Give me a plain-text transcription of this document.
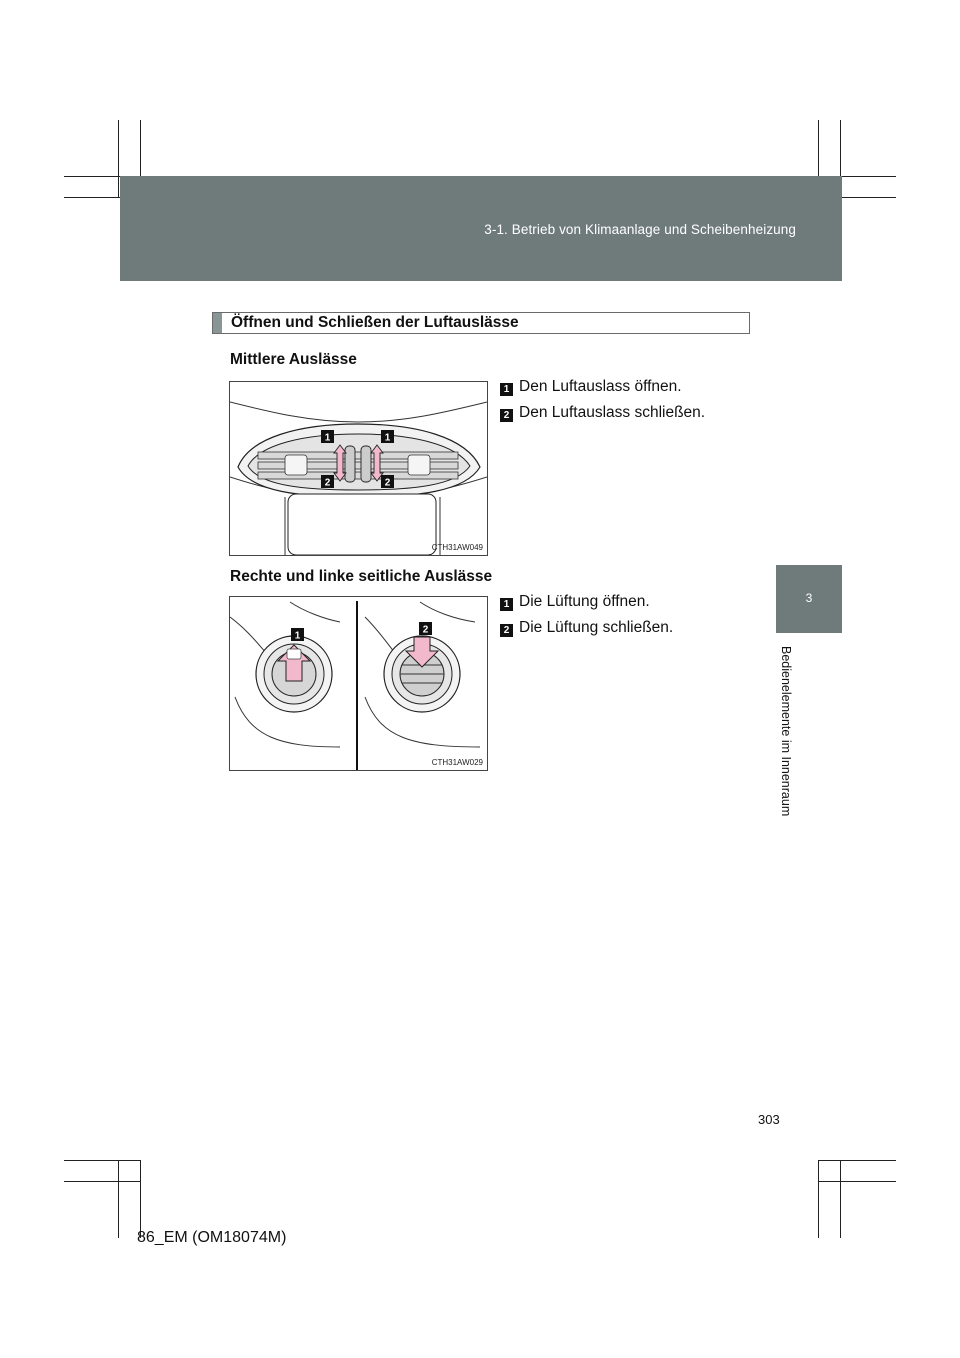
3-1. Betrieb von Klimaanlage und Scheibenheizung
3
Bedienelemente im Innenraum
Öffnen und Schließen der Luftauslässe
Mittlere Auslässe
1	1
2	2
CTH31AW049
1 Den Luftauslass öffnen.
2 Den Luftauslass schließen.
Rechte und linke seitliche Auslässe
1
2
CTH31AW029
1 Die Lüftung öffnen.
2 Die Lüftung schließen.
303
86_EM (OM18074M)
